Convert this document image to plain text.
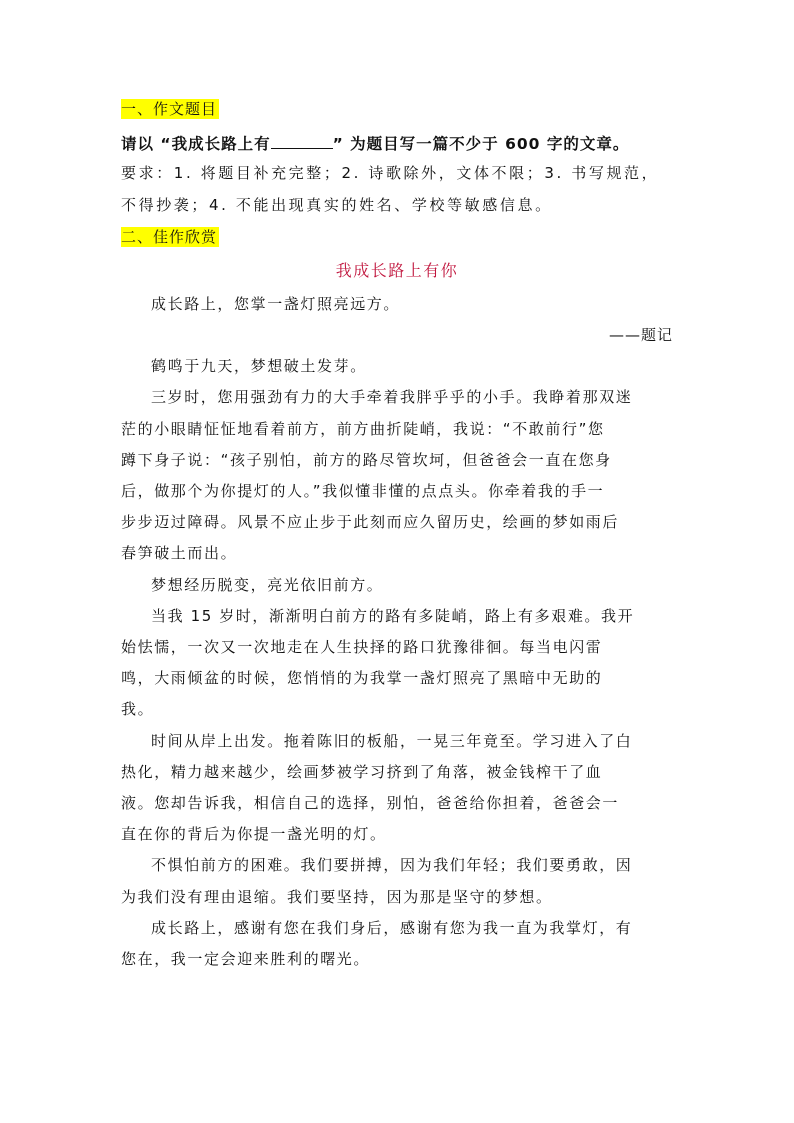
一、作文题目
请以 “我成长路上有	” 为题目写一篇不少于 600 字的文章。
要求：1. 将题目补充完整；2. 诗歌除外，文体不限；3. 书写规范，
不得抄袭；4. 不能出现真实的姓名、学校等敏感信息。
二、佳作欣赏
我成长路上有你

成长路上，您掌一盏灯照亮远方。

——题记

鹤鸣于九天，梦想破土发芽。

三岁时，您用强劲有力的大手牵着我胖乎乎的小手。我睁着那双迷
茫的小眼睛怔怔地看着前方，前方曲折陡峭，我说：“不敢前行”您
蹲下身子说：“孩子别怕，前方的路尽管坎坷，但爸爸会一直在您身
后，做那个为你提灯的人。”我似懂非懂的点点头。你牵着我的手一
步步迈过障碍。风景不应止步于此刻而应久留历史，绘画的梦如雨后
春笋破土而出。

梦想经历脱变，亮光依旧前方。

当我 15 岁时，渐渐明白前方的路有多陡峭，路上有多艰难。我开
始怯懦，一次又一次地走在人生抉择的路口犹豫徘徊。每当电闪雷
鸣，大雨倾盆的时候，您悄悄的为我掌一盏灯照亮了黑暗中无助的
我。

时间从岸上出发。拖着陈旧的板船，一晃三年竟至。学习进入了白
热化，精力越来越少，绘画梦被学习挤到了角落，被金钱榨干了血
液。您却告诉我，相信自己的选择，别怕，爸爸给你担着，爸爸会一
直在你的背后为你提一盏光明的灯。

不惧怕前方的困难。我们要拼搏，因为我们年轻；我们要勇敢，因
为我们没有理由退缩。我们要坚持，因为那是坚守的梦想。

成长路上，感谢有您在我们身后，感谢有您为我一直为我掌灯，有
您在，我一定会迎来胜利的曙光。
